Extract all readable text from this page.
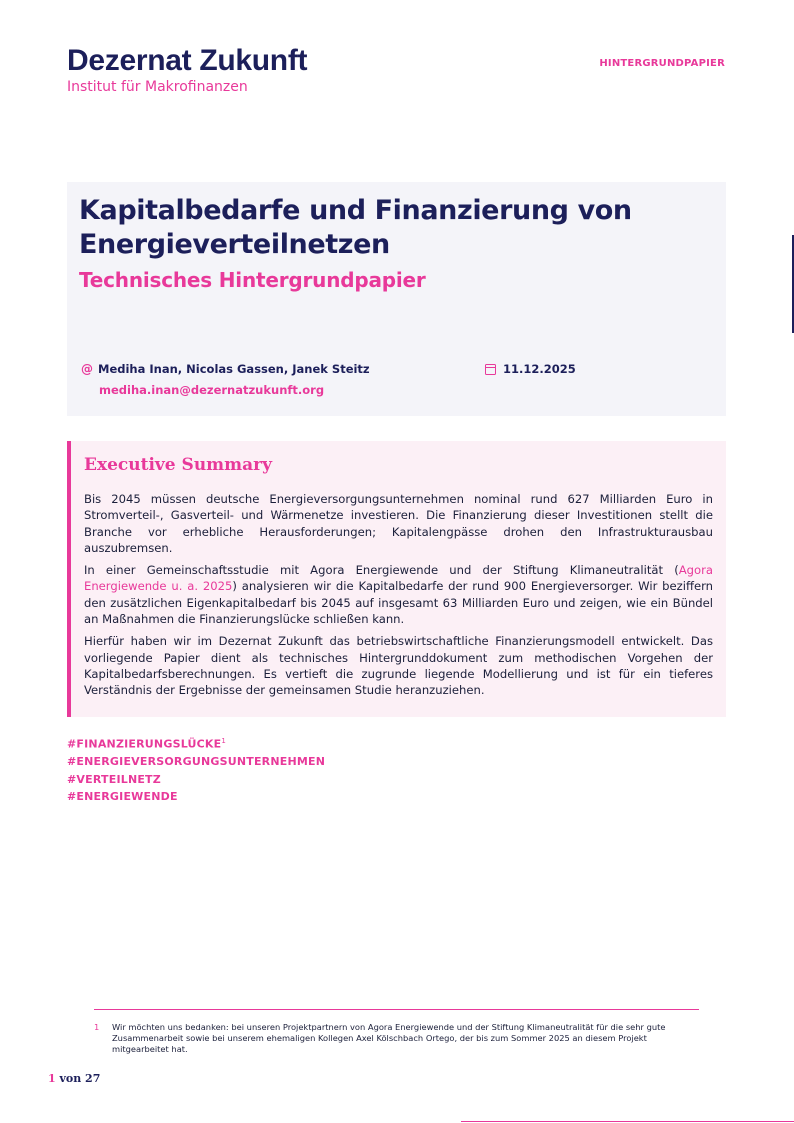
Dezernat Zukunft
Institut für Makrofinanzen
HINTERGRUNDPAPIER
Kapitalbedarfe und Finanzierung von Energieverteilnetzen
Technisches Hintergrundpapier
@ Mediha Inan, Nicolas Gassen, Janek Steitz
mediha.inan@dezernatzukunft.org
11.12.2025
Executive Summary

Bis 2045 müssen deutsche Energieversorgungsunternehmen nominal rund 627 Milliarden Euro in Stromverteil-, Gasverteil- und Wärmenetze investieren. Die Finanzierung dieser Investitionen stellt die Branche vor erhebliche Herausforderungen; Kapitalengpässe drohen den Infrastrukturausbau auszubremsen.

In einer Gemeinschaftsstudie mit Agora Energiewende und der Stiftung Klimaneutralität (Agora Energiewende u. a. 2025) analysieren wir die Kapitalbedarfe der rund 900 Energieversorger. Wir beziffern den zusätzlichen Eigenkapitalbedarf bis 2045 auf insgesamt 63 Milliarden Euro und zeigen, wie ein Bündel an Maßnahmen die Finanzierungslücke schließen kann.

Hierfür haben wir im Dezernat Zukunft das betriebswirtschaftliche Finanzierungsmodell entwickelt. Das vorliegende Papier dient als technisches Hintergrunddokument zum methodischen Vorgehen der Kapitalbedarfsberechnungen. Es vertieft die zugrunde liegende Modellierung und ist für ein tieferes Verständnis der Ergebnisse der gemeinsamen Studie heranzuziehen.

#FINANZIERUNGSLÜCKE$^1$
#ENERGIEVERSORGUNGSUNTERNEHMEN
#VERTEILNETZ
#ENERGIEWENDE
1	Wir möchten uns bedanken: bei unseren Projektpartnern von Agora Energiewende und der Stiftung Klimaneutralität für die sehr gute Zusammenarbeit sowie bei unserem ehemaligen Kollegen Axel Kölschbach Ortego, der bis zum Sommer 2025 an diesem Projekt mitgearbeitet hat.
1 von 27
